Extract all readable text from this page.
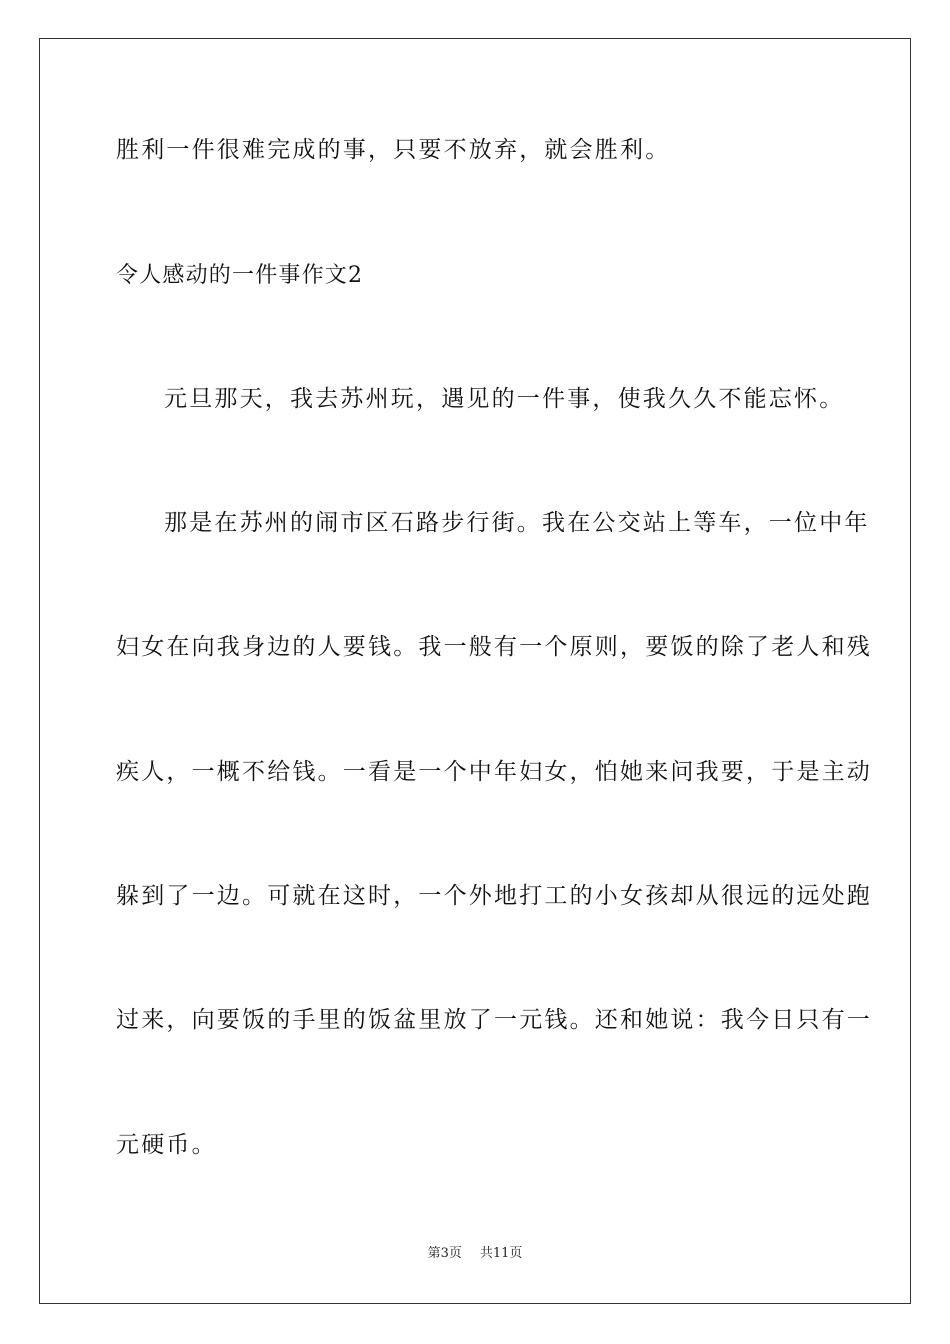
胜利一件很难完成的事，只要不放弃，就会胜利。
令人感动的一件事作文2
元旦那天，我去苏州玩，遇见的一件事，使我久久不能忘怀。
那是在苏州的闹市区石路步行街。我在公交站上等车，一位中年
妇女在向我身边的人要钱。我一般有一个原则，要饭的除了老人和残
疾人，一概不给钱。一看是一个中年妇女，怕她来问我要，于是主动
躲到了一边。可就在这时，一个外地打工的小女孩却从很远的远处跑
过来，向要饭的手里的饭盆里放了一元钱。还和她说：我今日只有一
元硬币。
第3页 共11页
